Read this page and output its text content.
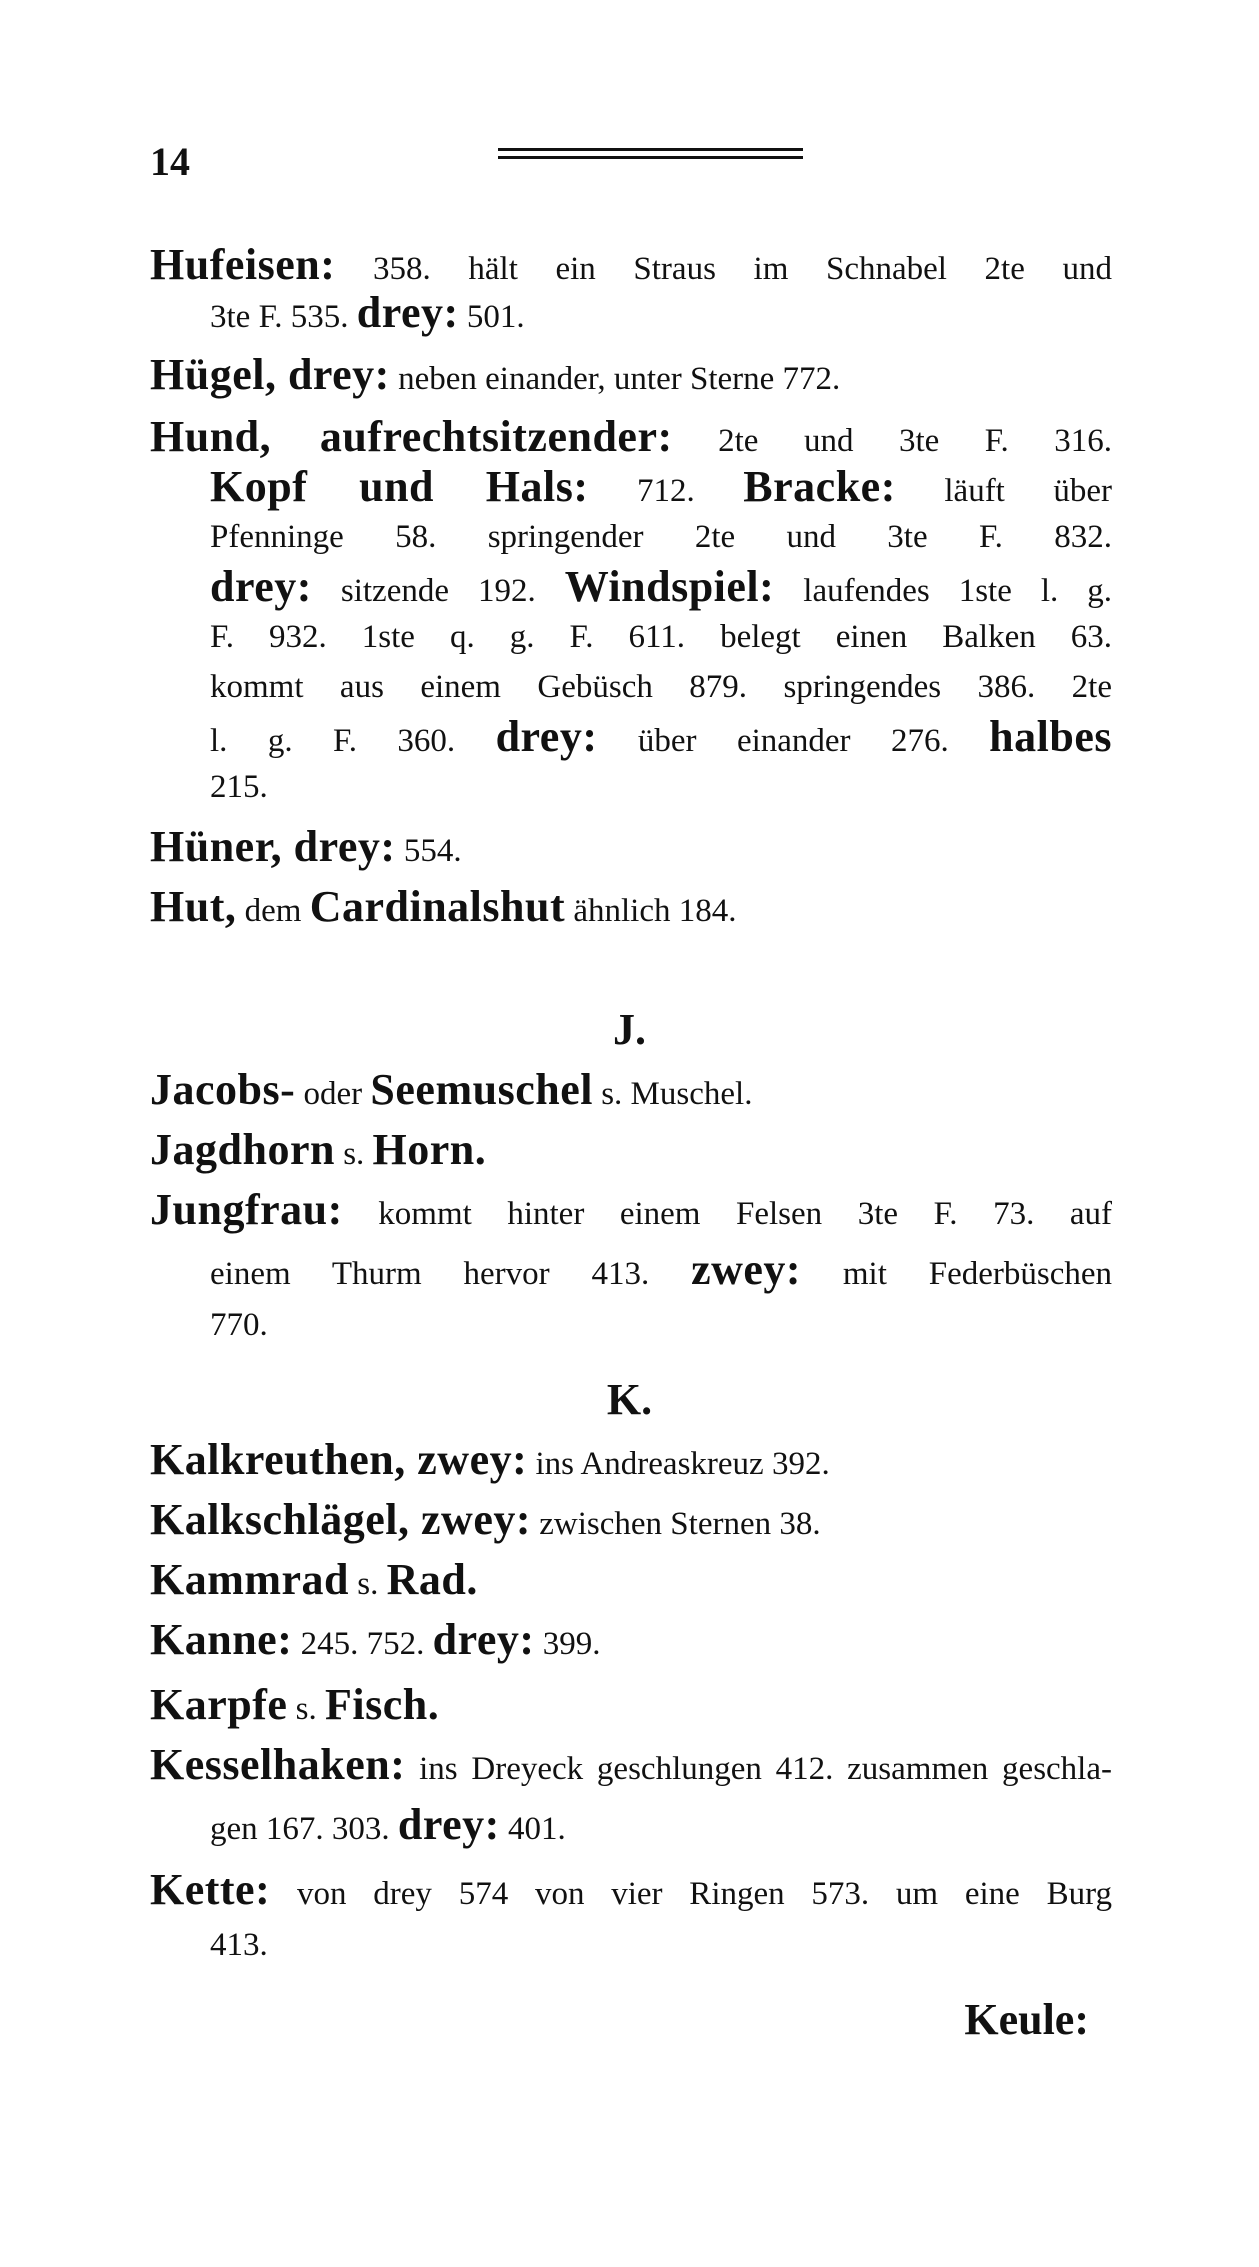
14
Hufeisen: 358. hält ein Straus im Schnabel 2te und
3te F. 535. drey: 501.
Hügel, drey: neben einander, unter Sterne 772.
Hund, aufrechtsitzender: 2te und 3te F. 316.
Kopf und Hals: 712. Bracke: läuft über
Pfenninge 58. springender 2te und 3te F. 832.
drey: sitzende 192. Windspiel: laufendes 1ste l. g.
F. 932. 1ste q. g. F. 611. belegt einen Balken 63.
kommt aus einem Gebüsch 879. springendes 386. 2te
l. g. F. 360. drey: über einander 276. halbes
215.
Hüner, drey: 554.
Hut, dem Cardinalshut ähnlich 184.
J.
Jacobs- oder Seemuschel s. Muschel.
Jagdhorn s. Horn.
Jungfrau: kommt hinter einem Felsen 3te F. 73. auf
einem Thurm hervor 413. zwey: mit Federbüschen
770.
K.
Kalkreuthen, zwey: ins Andreaskreuz 392.
Kalkschlägel, zwey: zwischen Sternen 38.
Kammrad s. Rad.
Kanne: 245. 752. drey: 399.
Karpfe s. Fisch.
Kesselhaken: ins Dreyeck geschlungen 412. zusammen geschla-
gen 167. 303. drey: 401.
Kette: von drey 574 von vier Ringen 573. um eine Burg
413.
Keule:
